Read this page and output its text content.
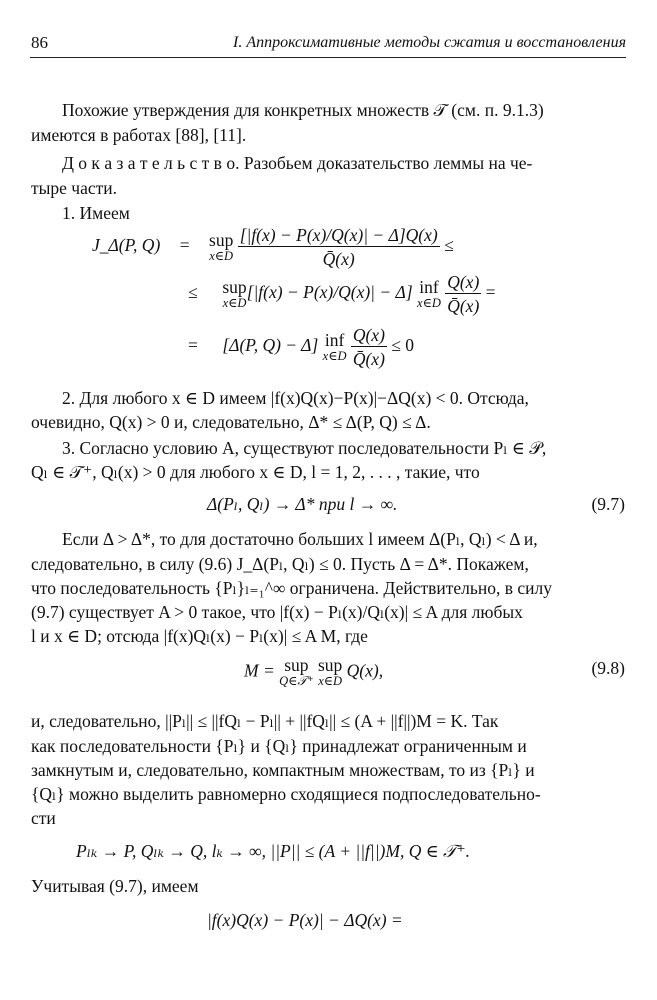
86	I. Аппроксимативные методы сжатия и восстановления
Похожие утверждения для конкретных множеств 𝒯 (см. п. 9.1.3)
имеются в работах [88], [11].
Д о к а з а т е л ь с т в о. Разобьем доказательство леммы на че-
тыре части.
1. Имеем
J_Δ(P, Q) = sup
x∈D
$\frac{[|f(x) - P(x)/Q(x)| - \Delta]Q(x)}{Q̄(x)}$ ≤
≤ sup
x∈D
[|f(x) − P(x)/Q(x)| − Δ] inf
x∈D
$\frac{Q(x)}{Q̄(x)}$ =
= [Δ(P, Q) − Δ] inf
x∈D
$\frac{Q(x)}{Q̄(x)} \le 0$
2. Для любого x ∈ D имеем |f(x)Q(x)−P(x)|−ΔQ(x) < 0. Отсюда,
очевидно, Q(x) > 0 и, следовательно, Δ* ≤ Δ(P, Q) ≤ Δ.
3. Согласно условию А, существуют последовательности Pₗ ∈ 𝒫,
Qₗ ∈ 𝒯⁺, Qₗ(x) > 0 для любого x ∈ D, l = 1, 2, . . . , такие, что
Δ(Pₗ, Qₗ) → Δ* при l → ∞.	(9.7)
Если Δ > Δ*, то для достаточно больших l имеем Δ(Pₗ, Qₗ) < Δ и,
следовательно, в силу (9.6) J_Δ(Pₗ, Qₗ) ≤ 0. Пусть Δ = Δ*. Покажем,
что последовательность {Pₗ}ₗ₌₁^∞ ограничена. Действительно, в силу
(9.7) существует A > 0 такое, что |f(x) − Pₗ(x)/Qₗ(x)| ≤ A для любых
l и x ∈ D; отсюда |f(x)Qₗ(x) − Pₗ(x)| ≤ A M, где
M = sup
Q∈𝒯⁺

sup
x∈D
Q(x),	(9.8)
и, следовательно, ||Pₗ|| ≤ ||fQₗ − Pₗ|| + ||fQₗ|| ≤ (A + ||f||)M = K. Так
как последовательности {Pₗ} и {Qₗ} принадлежат ограниченным и
замкнутым и, следовательно, компактным множествам, то из {Pₗ} и
{Qₗ} можно выделить равномерно сходящиеся подпоследовательно-
сти
Pₗₖ → P, Qₗₖ → Q, lₖ → ∞, ||P|| ≤ (A + ||f||)M, Q ∈ 𝒯⁺.
Учитывая (9.7), имеем
|f(x)Q(x) − P(x)| − ΔQ(x) =
